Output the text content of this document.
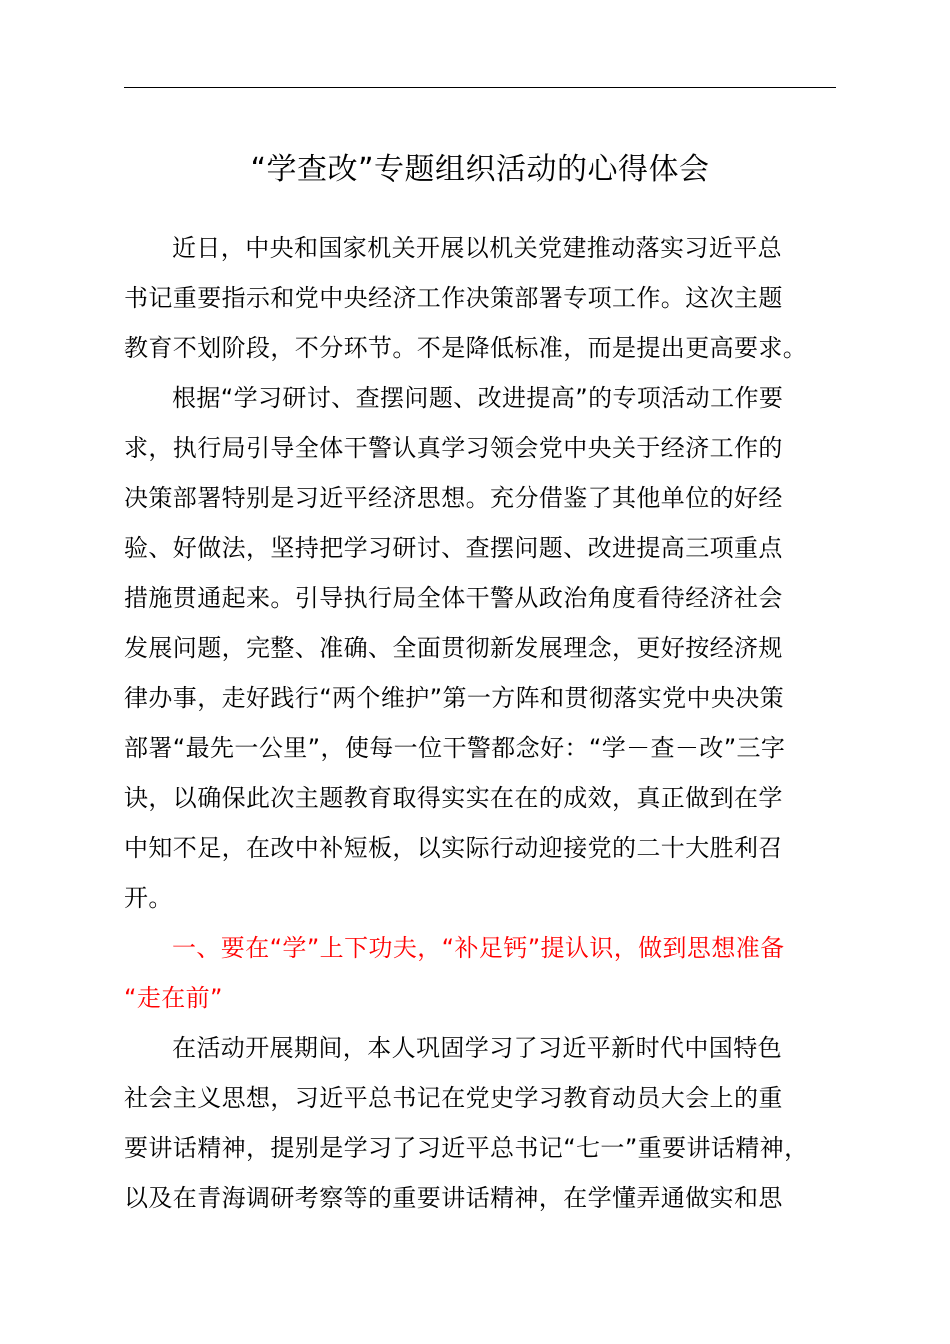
“学查改”专题组织活动的心得体会
近日，中央和国家机关开展以机关党建推动落实习近平总
书记重要指示和党中央经济工作决策部署专项工作。这次主题
教育不划阶段，不分环节。不是降低标准，而是提出更高要求。
根据“学习研讨、查摆问题、改进提高”的专项活动工作要
求，执行局引导全体干警认真学习领会党中央关于经济工作的
决策部署特别是习近平经济思想。充分借鉴了其他单位的好经
验、好做法，坚持把学习研讨、查摆问题、改进提高三项重点
措施贯通起来。引导执行局全体干警从政治角度看待经济社会
发展问题，完整、准确、全面贯彻新发展理念，更好按经济规
律办事，走好践行“两个维护”第一方阵和贯彻落实党中央决策
部署“最先一公里”，使每一位干警都念好：“学－查－改”三字
诀，以确保此次主题教育取得实实在在的成效，真正做到在学
中知不足，在改中补短板，以实际行动迎接党的二十大胜利召
开。
一、要在“学”上下功夫，“补足钙”提认识，做到思想准备
“走在前”
在活动开展期间，本人巩固学习了习近平新时代中国特色
社会主义思想，习近平总书记在党史学习教育动员大会上的重
要讲话精神，提别是学习了习近平总书记“七一”重要讲话精神，
以及在青海调研考察等的重要讲话精神，在学懂弄通做实和思
